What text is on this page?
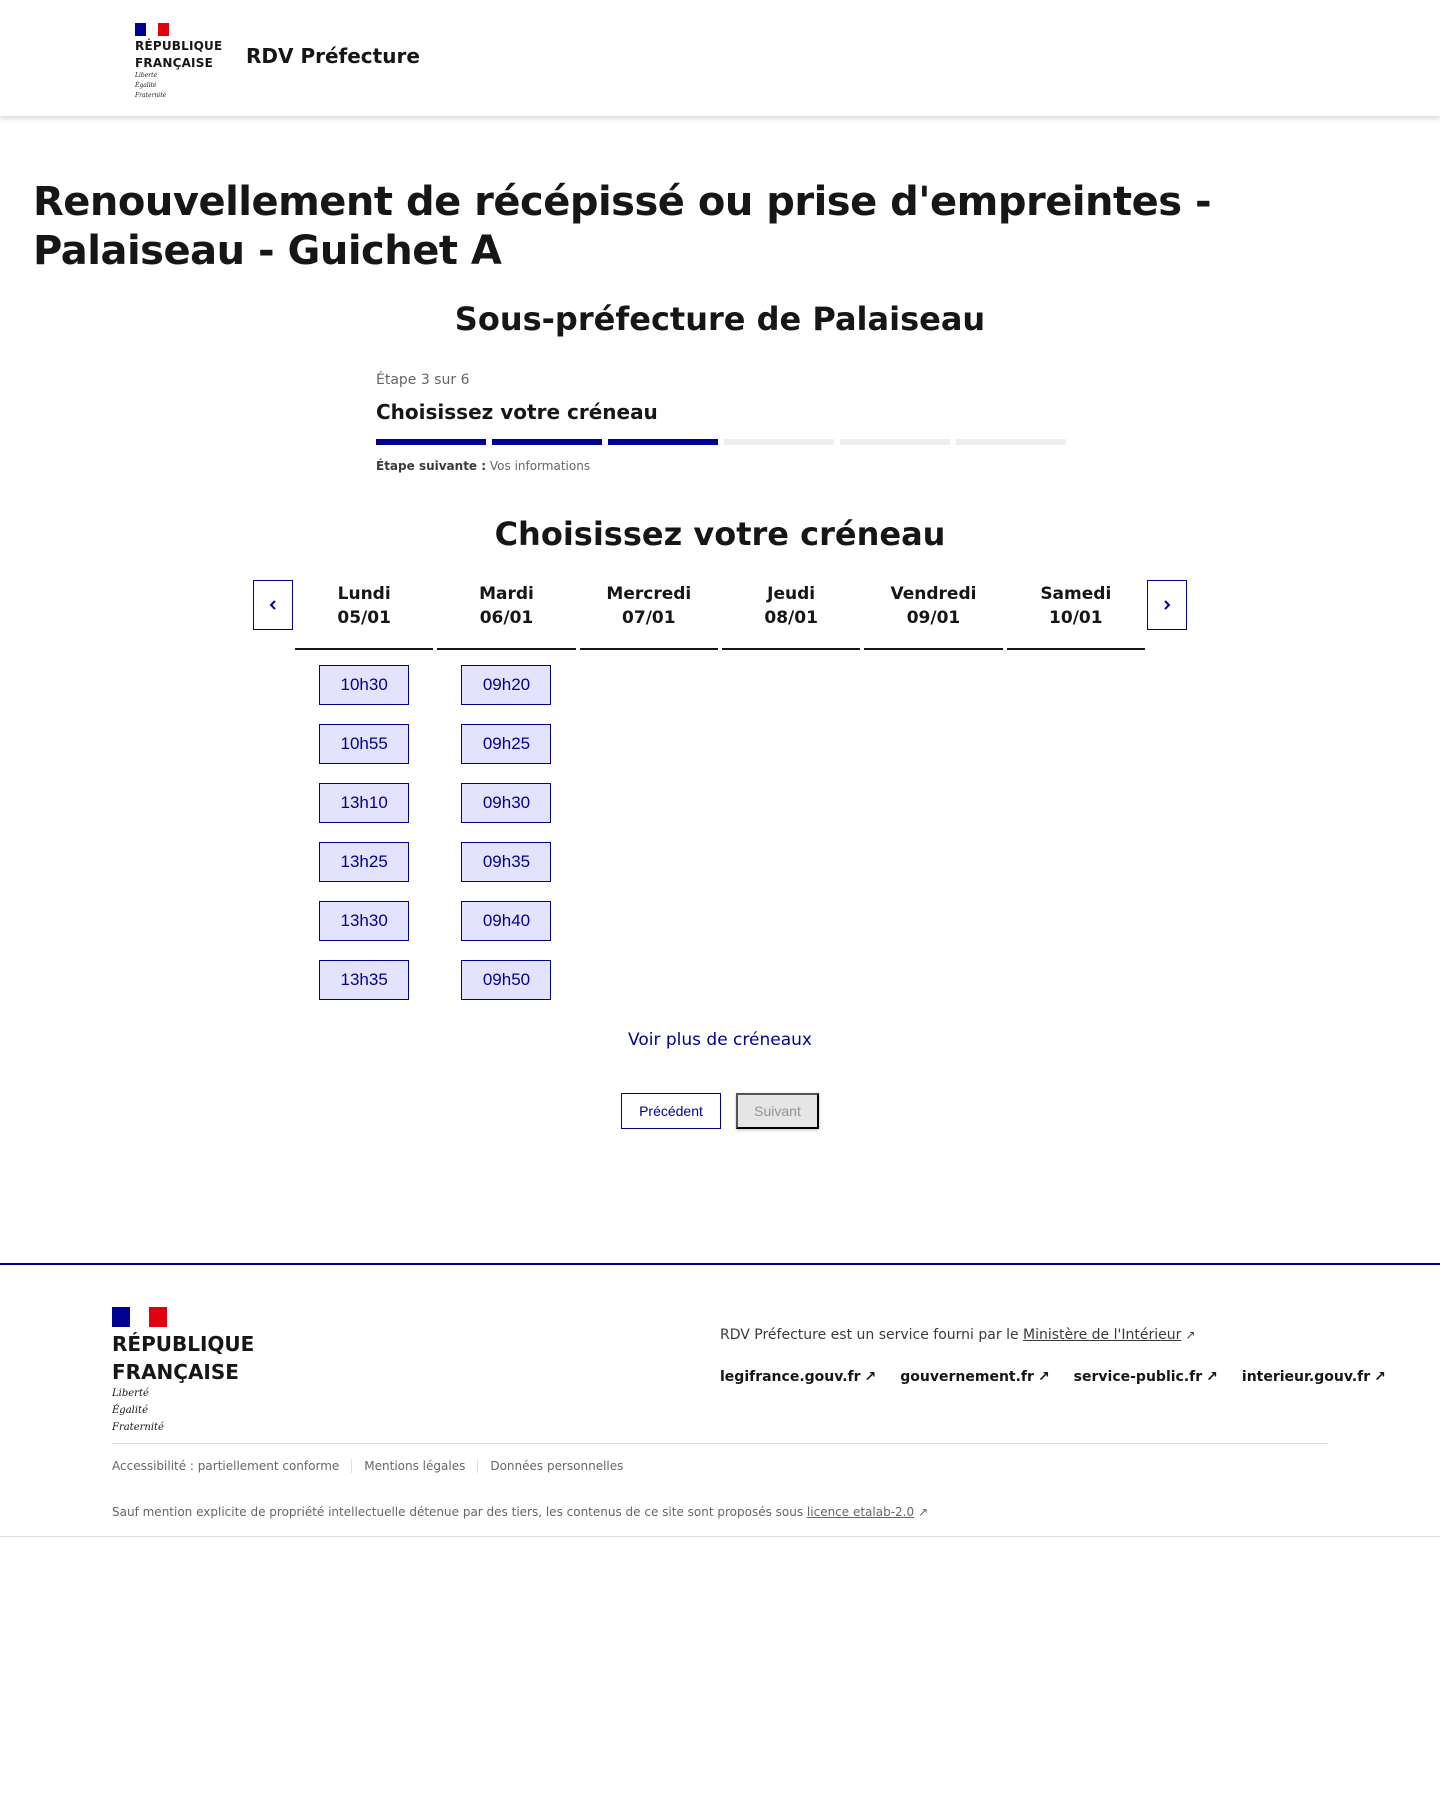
RÉPUBLIQUE
FRANÇAISE
Liberté
Égalité
Fraternité
RDV Préfecture
Renouvellement de récépissé ou prise d'empreintes - Palaiseau - Guichet A
Sous-préfecture de Palaiseau
Étape 3 sur 6
Choisissez votre créneau
Étape suivante : Vos informations
Choisissez votre créneau
Lundi
05/01
Mardi
06/01
Mercredi
07/01
Jeudi
08/01
Vendredi
09/01
Samedi
10/01
10h30
10h55
13h10
13h25
13h30
13h35
09h20
09h25
09h30
09h35
09h40
09h50
Voir plus de créneaux
Précédent	Suivant
RÉPUBLIQUE
FRANÇAISE
Liberté
Égalité
Fraternité
RDV Préfecture est un service fourni par le Ministère de l'Intérieur ↗
legifrance.gouv.fr ↗ gouvernement.fr ↗ service-public.fr ↗ interieur.gouv.fr ↗
Accessibilité : partiellement conforme Mentions légales Données personnelles
Sauf mention explicite de propriété intellectuelle détenue par des tiers, les contenus de ce site sont proposés sous licence etalab-2.0 ↗
